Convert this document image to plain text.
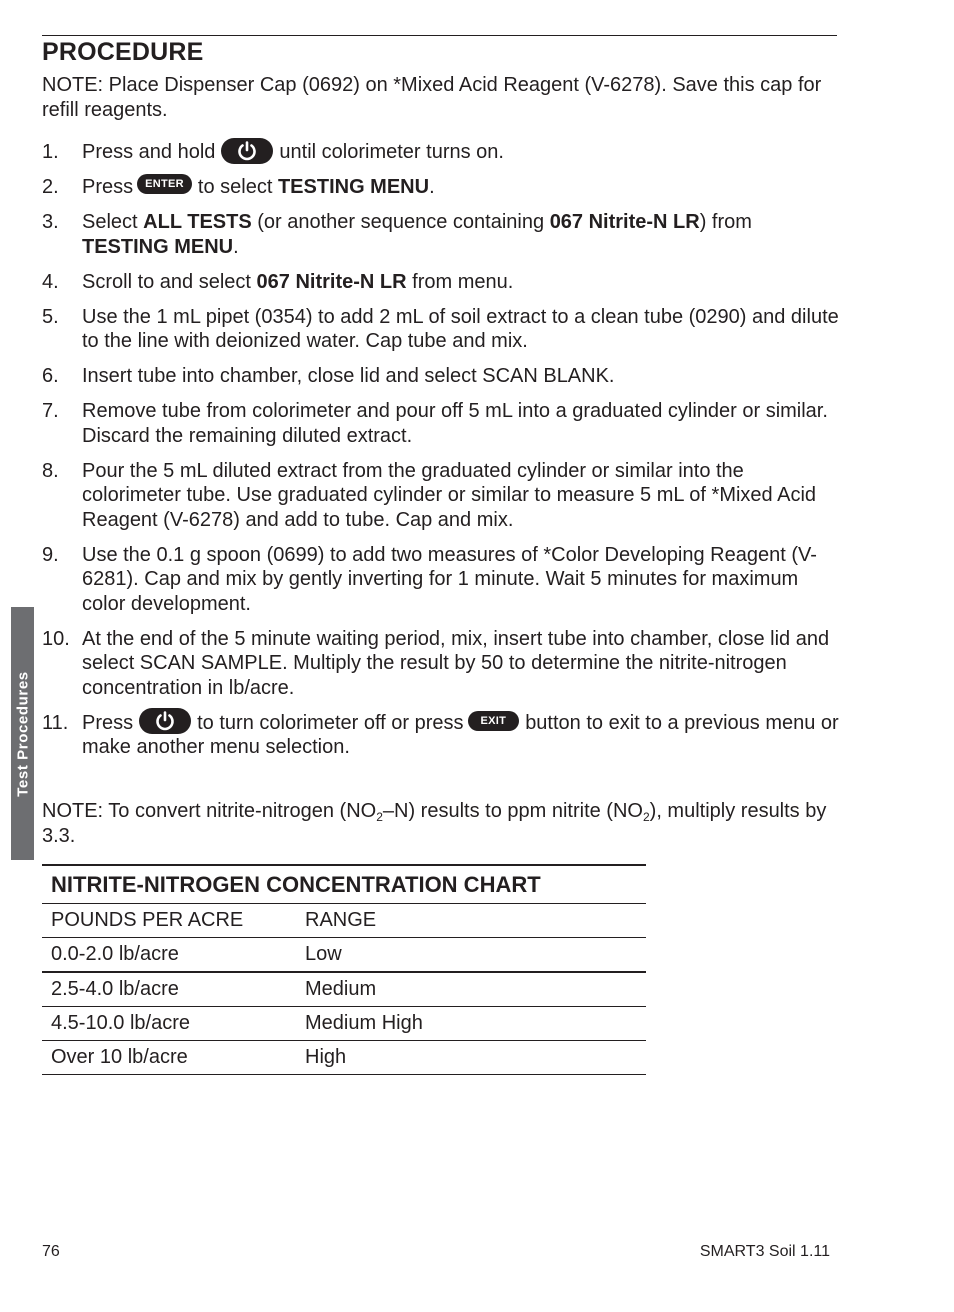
PROCEDURE

NOTE: Place Dispenser Cap (0692) on *Mixed Acid Reagent (V-6278). Save this cap for refill reagents.

1. Press and hold	until colorimeter turns on.
2. Press ENTER to select TESTING MENU.
3. Select ALL TESTS (or another sequence containing 067 Nitrite-N LR) from TESTING MENU.
4. Scroll to and select 067 Nitrite-N LR from menu.
5. Use the 1 mL pipet (0354) to add 2 mL of soil extract to a clean tube (0290) and dilute to the line with deionized water. Cap tube and mix.
6. Insert tube into chamber, close lid and select SCAN BLANK.
7. Remove tube from colorimeter and pour off 5 mL into a graduated cylinder or similar. Discard the remaining diluted extract.
8. Pour the 5 mL diluted extract from the graduated cylinder or similar into the colorimeter tube. Use graduated cylinder or similar to measure 5 mL of *Mixed Acid Reagent (V-6278) and add to tube. Cap and mix.
9. Use the 0.1 g spoon (0699) to add two measures of *Color Developing Reagent (V-6281). Cap and mix by gently inverting for 1 minute. Wait 5 minutes for maximum color development.
10. At the end of the 5 minute waiting period, mix, insert tube into chamber, close lid and select SCAN SAMPLE. Multiply the result by 50 to determine the nitrite-nitrogen concentration in lb/acre.
11. Press	to turn colorimeter off or press EXIT button to exit to a previous menu or make another menu selection.

NOTE: To convert nitrite-nitrogen $(NO_2-N)$ results to ppm nitrite $(NO_2)$, multiply results by 3.3.

NITRITE-NITROGEN CONCENTRATION CHART
POUNDS PER ACRE	RANGE
0.0-2.0 lb/acre	Low
2.5-4.0 lb/acre	Medium
4.5-10.0 lb/acre	Medium High
Over 10 lb/acre	High
Test Procedures
76	SMART3 Soil 1.11
